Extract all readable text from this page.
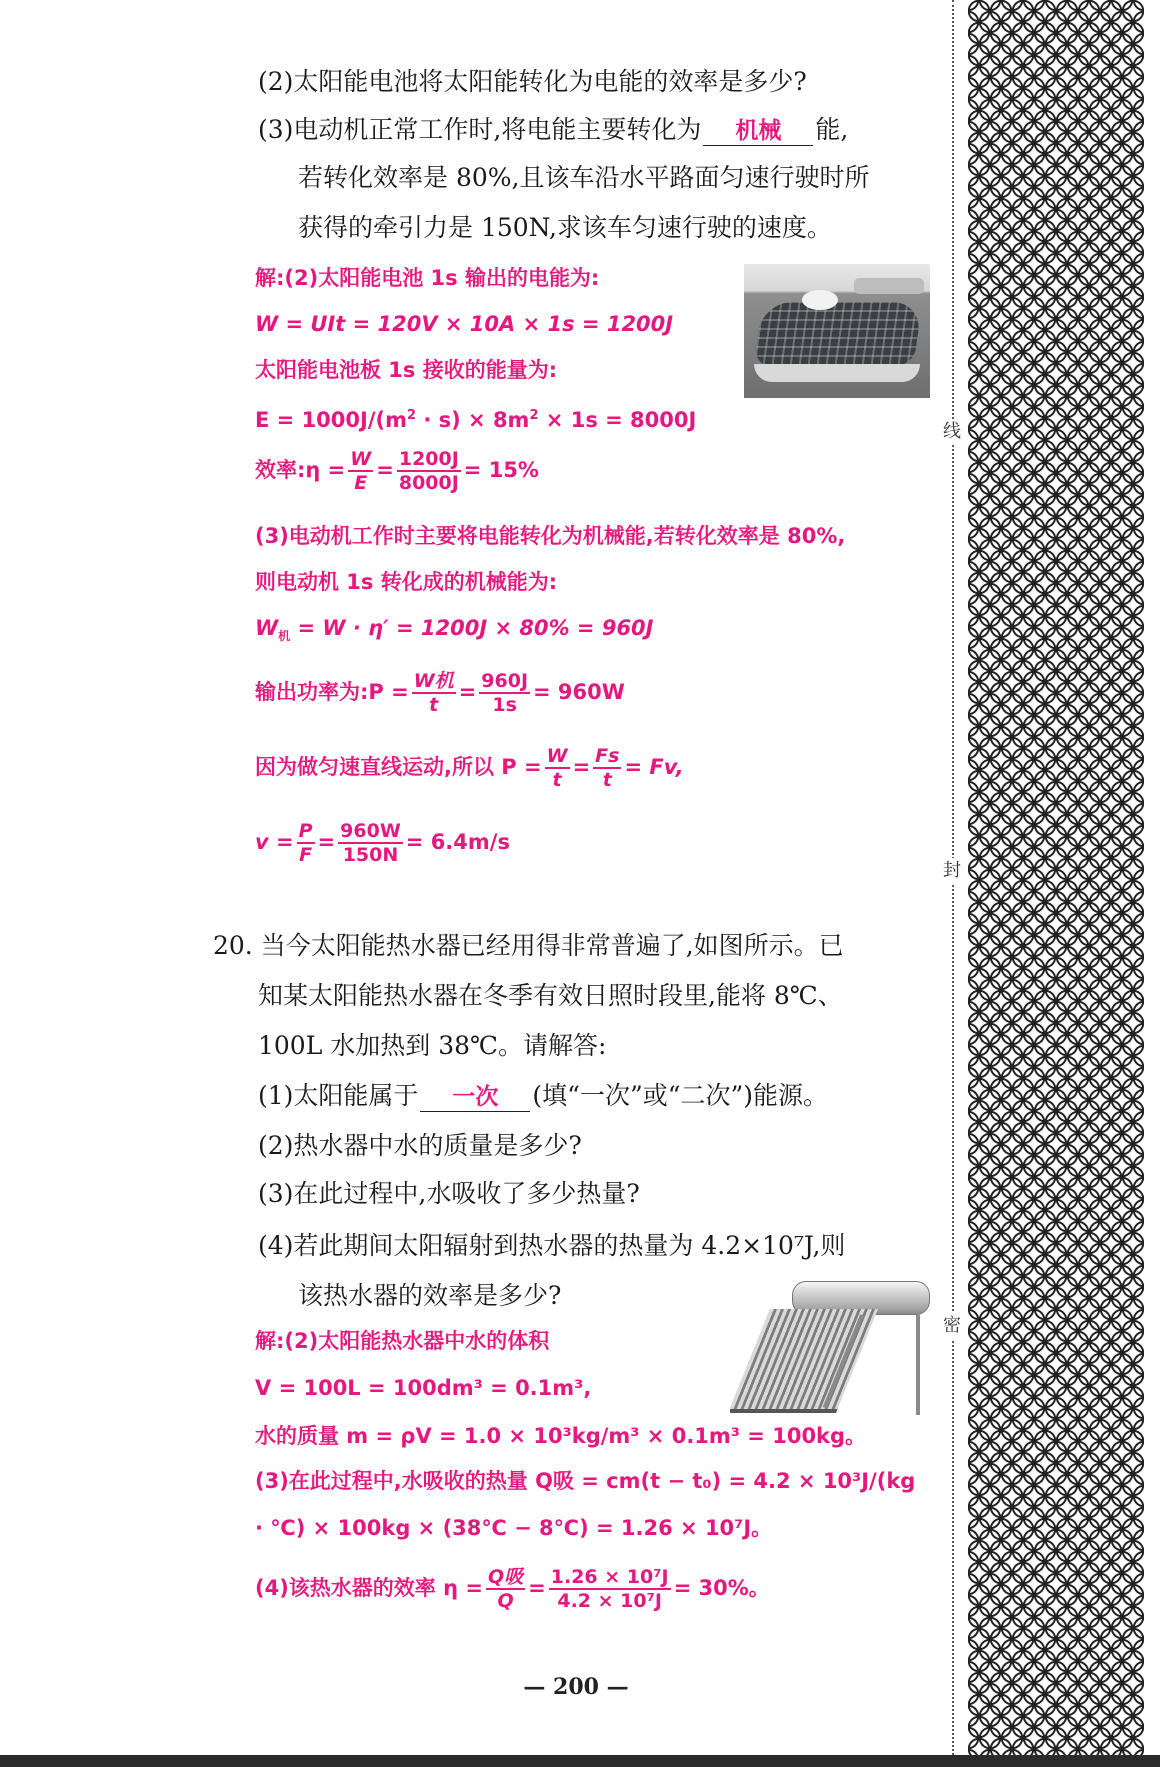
(2)太阳能电池将太阳能转化为电能的效率是多少?
(3)电动机正常工作时,将电能主要转化为 机械 能,
若转化效率是 80%,且该车沿水平路面匀速行驶时所
获得的牵引力是 150N,求该车匀速行驶的速度。
解:(2)太阳能电池 1s 输出的电能为:
W = UIt = 120V × 10A × 1s = 1200J
太阳能电池板 1s 接收的能量为:
$E = 1000J/(m^2 \cdot s) \times 8m^2 \times 1s = 8000J$
效率:η = $\frac{W}{E} = \frac{1200J}{8000J} = 15\%$
(3)电动机工作时主要将电能转化为机械能,若转化效率是 80%,
则电动机 1s 转化成的机械能为:
$W_机 = W \cdot \eta' = 1200J \times 80\% = 960J$
输出功率为:P = $\frac{\text{W机}}{t} = \frac{960J}{1s} = 960W$
因为做匀速直线运动,所以 $P = \frac{W}{t} = \frac{Fs}{t} = Fv$,
$v = \frac{P}{F} = \frac{960W}{150N} = 6.4m/s$
20. 当今太阳能热水器已经用得非常普遍了,如图所示。已
知某太阳能热水器在冬季有效日照时段里,能将 8℃、
100L 水加热到 38℃。请解答:
(1)太阳能属于 一次 (填“一次”或“二次”)能源。
(2)热水器中水的质量是多少?
(3)在此过程中,水吸收了多少热量?
(4)若此期间太阳辐射到热水器的热量为 4.2×10⁷J,则
该热水器的效率是多少?
解:(2)太阳能热水器中水的体积
V = 100L = 100dm³ = 0.1m³,
水的质量 m = ρV = 1.0 × 10³kg/m³ × 0.1m³ = 100kg。
(3)在此过程中,水吸收的热量 Q吸 = cm(t − t₀) = 4.2 × 10³J/(kg
· ℃) × 100kg × (38℃ − 8℃) = 1.26 × 10⁷J。
(4)该热水器的效率 $\eta = \frac{\text{Q吸}}{Q} = \frac{\text{1.26 × 10⁷J}}{\text{4.2 × 10⁷J}} = 30\%$。
— 200 —
线
封
密
